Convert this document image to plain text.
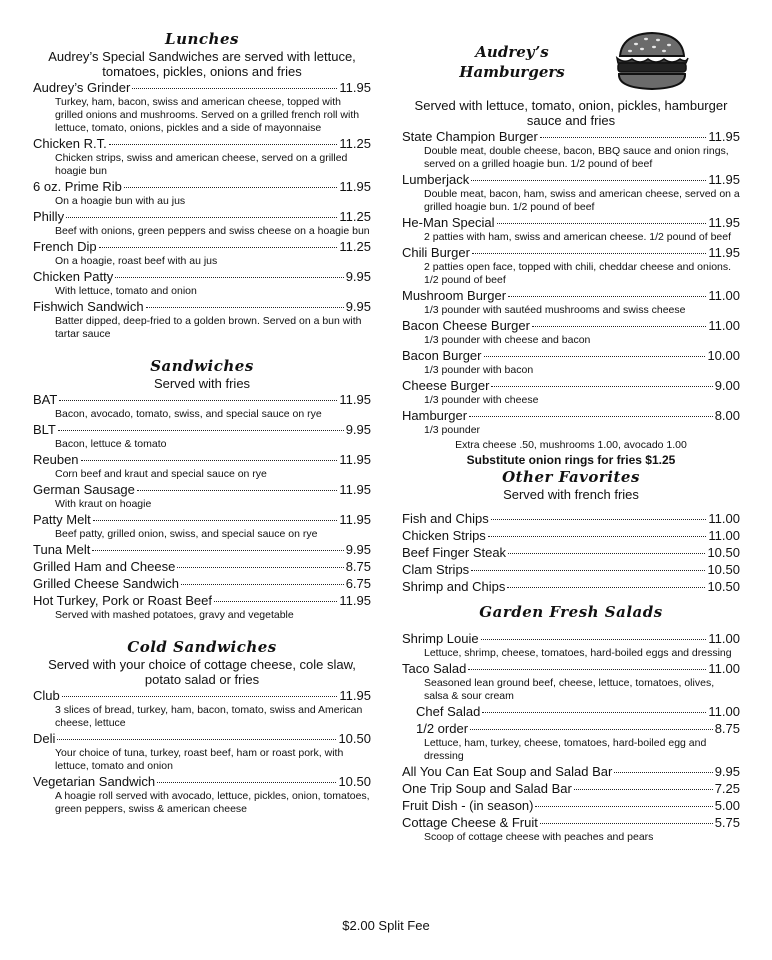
Lunches

Audrey’s Special Sandwiches are served with lettuce, tomatoes, pickles, onions and fries

Audrey’s Grinder	11.95

Turkey, ham, bacon, swiss and american cheese, topped with grilled onions and mushrooms. Served on a grilled french roll with lettuce, tomato, onions, pickles and a side of mayonnaise

Chicken R.T.	11.25

Chicken strips, swiss and american cheese, served on a grilled hoagie bun

6 oz. Prime Rib	11.95

On a hoagie bun with au jus

Philly	11.25

Beef with onions, green peppers and swiss cheese on a hoagie bun

French Dip	11.25

On a hoagie, roast beef with au jus

Chicken Patty	9.95

With lettuce, tomato and onion

Fishwich Sandwich	9.95

Batter dipped, deep-fried to a golden brown. Served on a bun with tartar sauce

Sandwiches

Served with fries

BAT	11.95

Bacon, avocado, tomato, swiss, and special sauce on rye

BLT	9.95

Bacon, lettuce & tomato

Reuben	11.95

Corn beef and kraut and special sauce on rye

German Sausage	11.95

With kraut on hoagie

Patty Melt	11.95

Beef patty, grilled onion, swiss, and special sauce on rye

Tuna Melt	9.95
Grilled Ham and Cheese	8.75
Grilled Cheese Sandwich	6.75
Hot Turkey, Pork or Roast Beef	11.95

Served with mashed potatoes, gravy and vegetable

Cold Sandwiches

Served with your choice of cottage cheese, cole slaw, potato salad or fries

Club	11.95

3 slices of bread, turkey, ham, bacon, tomato, swiss and American cheese, lettuce

Deli	10.50

Your choice of tuna, turkey, roast beef, ham or roast pork, with lettuce, tomato and onion

Vegetarian Sandwich	10.50

A hoagie roll served with avocado, lettuce, pickles, onion, tomatoes, green peppers, swiss & american cheese

Audrey’s
Hamburgers

Served with lettuce, tomato, onion, pickles, hamburger sauce and fries

State Champion Burger	11.95

Double meat, double cheese, bacon, BBQ sauce and onion rings, served on a grilled hoagie bun. 1/2 pound of beef

Lumberjack	11.95

Double meat, bacon, ham, swiss and american cheese, served on a grilled hoagie bun. 1/2 pound of beef

He-Man Special	11.95

2 patties with ham, swiss and american cheese. 1/2 pound of beef

Chili Burger	11.95

2 patties open face, topped with chili, cheddar cheese and onions. 1/2 pound of beef

Mushroom Burger	11.00

1/3 pounder with sautéed mushrooms and swiss cheese

Bacon Cheese Burger	11.00

1/3 pounder with cheese and bacon

Bacon Burger	10.00

1/3 pounder with bacon

Cheese Burger	9.00

1/3 pounder with cheese

Hamburger	8.00

1/3 pounder

Extra cheese .50, mushrooms 1.00, avocado 1.00

Substitute onion rings for fries $1.25

Other Favorites

Served with french fries

Fish and Chips	11.00
Chicken Strips	11.00
Beef Finger Steak	10.50
Clam Strips	10.50
Shrimp and Chips	10.50
Garden Fresh Salads
Shrimp Louie	11.00

Lettuce, shrimp, cheese, tomatoes, hard-boiled eggs and dressing

Taco Salad	11.00

Seasoned lean ground beef, cheese, lettuce, tomatoes, olives, salsa & sour cream

Chef Salad	11.00
1/2 order	8.75

Lettuce, ham, turkey, cheese, tomatoes, hard-boiled egg and dressing

All You Can Eat Soup and Salad Bar	9.95
One Trip Soup and Salad Bar	7.25
Fruit Dish - (in season)	5.00
Cottage Cheese & Fruit	5.75

Scoop of cottage cheese with peaches and pears

$2.00 Split Fee
